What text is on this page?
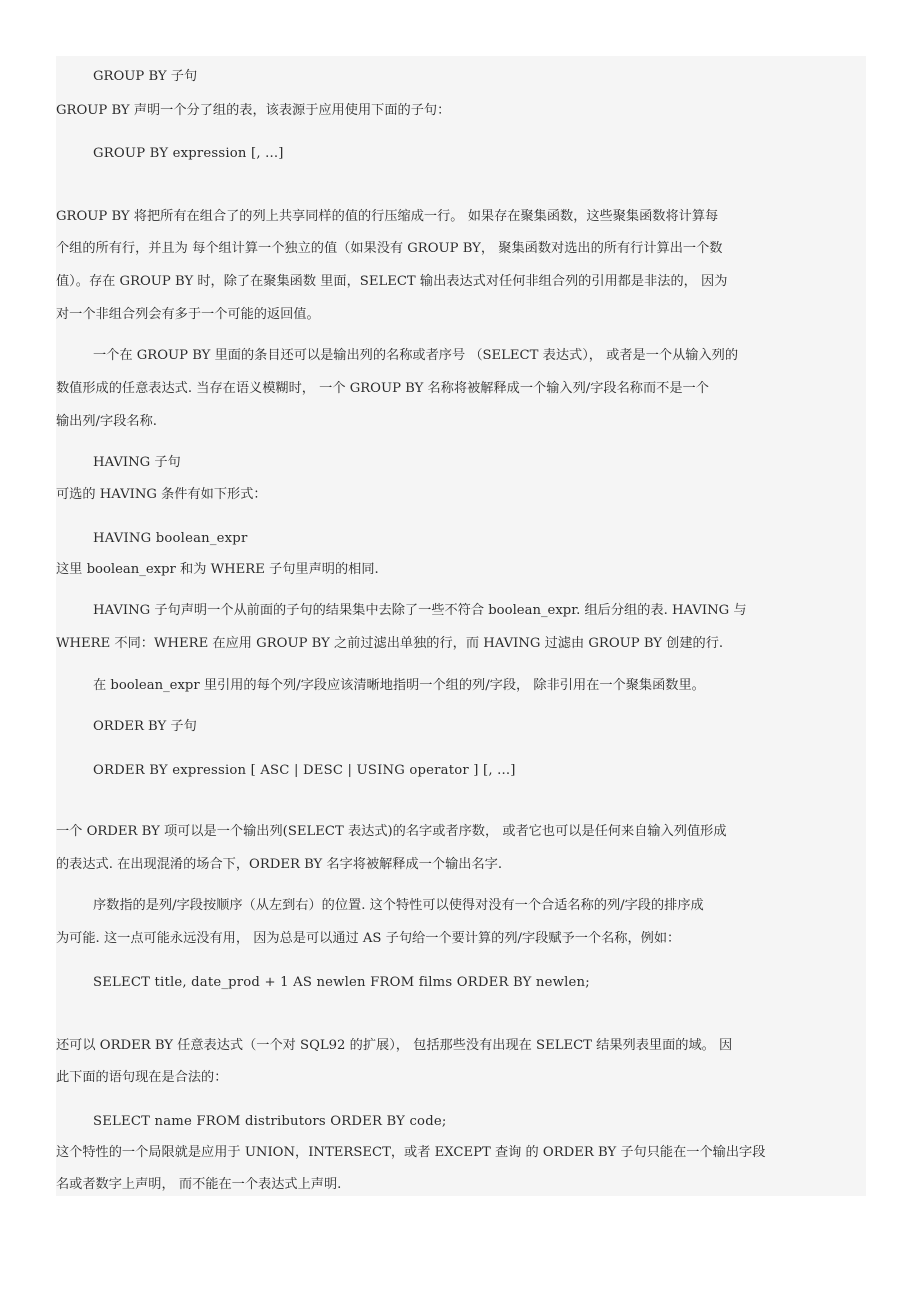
GROUP BY 子句
GROUP BY 声明一个分了组的表，该表源于应用使用下面的子句：
GROUP BY expression [, ...]
GROUP BY 将把所有在组合了的列上共享同样的值的行压缩成一行。 如果存在聚集函数，这些聚集函数将计算每
个组的所有行，并且为 每个组计算一个独立的值（如果没有 GROUP BY， 聚集函数对选出的所有行计算出一个数
值）。存在 GROUP BY 时，除了在聚集函数 里面，SELECT 输出表达式对任何非组合列的引用都是非法的， 因为
对一个非组合列会有多于一个可能的返回值。
一个在 GROUP BY 里面的条目还可以是输出列的名称或者序号 （SELECT 表达式）， 或者是一个从输入列的
数值形成的任意表达式. 当存在语义模糊时， 一个 GROUP BY 名称将被解释成一个输入列/字段名称而不是一个
输出列/字段名称.
HAVING 子句
可选的 HAVING 条件有如下形式：
HAVING boolean_expr
这里 boolean_expr 和为 WHERE 子句里声明的相同.
HAVING 子句声明一个从前面的子句的结果集中去除了一些不符合 boolean_expr. 组后分组的表. HAVING 与
WHERE 不同：WHERE 在应用 GROUP BY 之前过滤出单独的行，而 HAVING 过滤由 GROUP BY 创建的行.
在 boolean_expr 里引用的每个列/字段应该清晰地指明一个组的列/字段， 除非引用在一个聚集函数里。
ORDER BY 子句
ORDER BY expression [ ASC | DESC | USING operator ] [, ...]
一个 ORDER BY 项可以是一个输出列(SELECT 表达式)的名字或者序数， 或者它也可以是任何来自输入列值形成
的表达式. 在出现混淆的场合下，ORDER BY 名字将被解释成一个输出名字.
序数指的是列/字段按顺序（从左到右）的位置. 这个特性可以使得对没有一个合适名称的列/字段的排序成
为可能. 这一点可能永远没有用， 因为总是可以通过 AS 子句给一个要计算的列/字段赋予一个名称，例如：
SELECT title, date_prod + 1 AS newlen FROM films ORDER BY newlen;
还可以 ORDER BY 任意表达式（一个对 SQL92 的扩展）， 包括那些没有出现在 SELECT 结果列表里面的域。 因
此下面的语句现在是合法的：
SELECT name FROM distributors ORDER BY code;
这个特性的一个局限就是应用于 UNION，INTERSECT，或者 EXCEPT 查询 的 ORDER BY 子句只能在一个输出字段
名或者数字上声明， 而不能在一个表达式上声明.
